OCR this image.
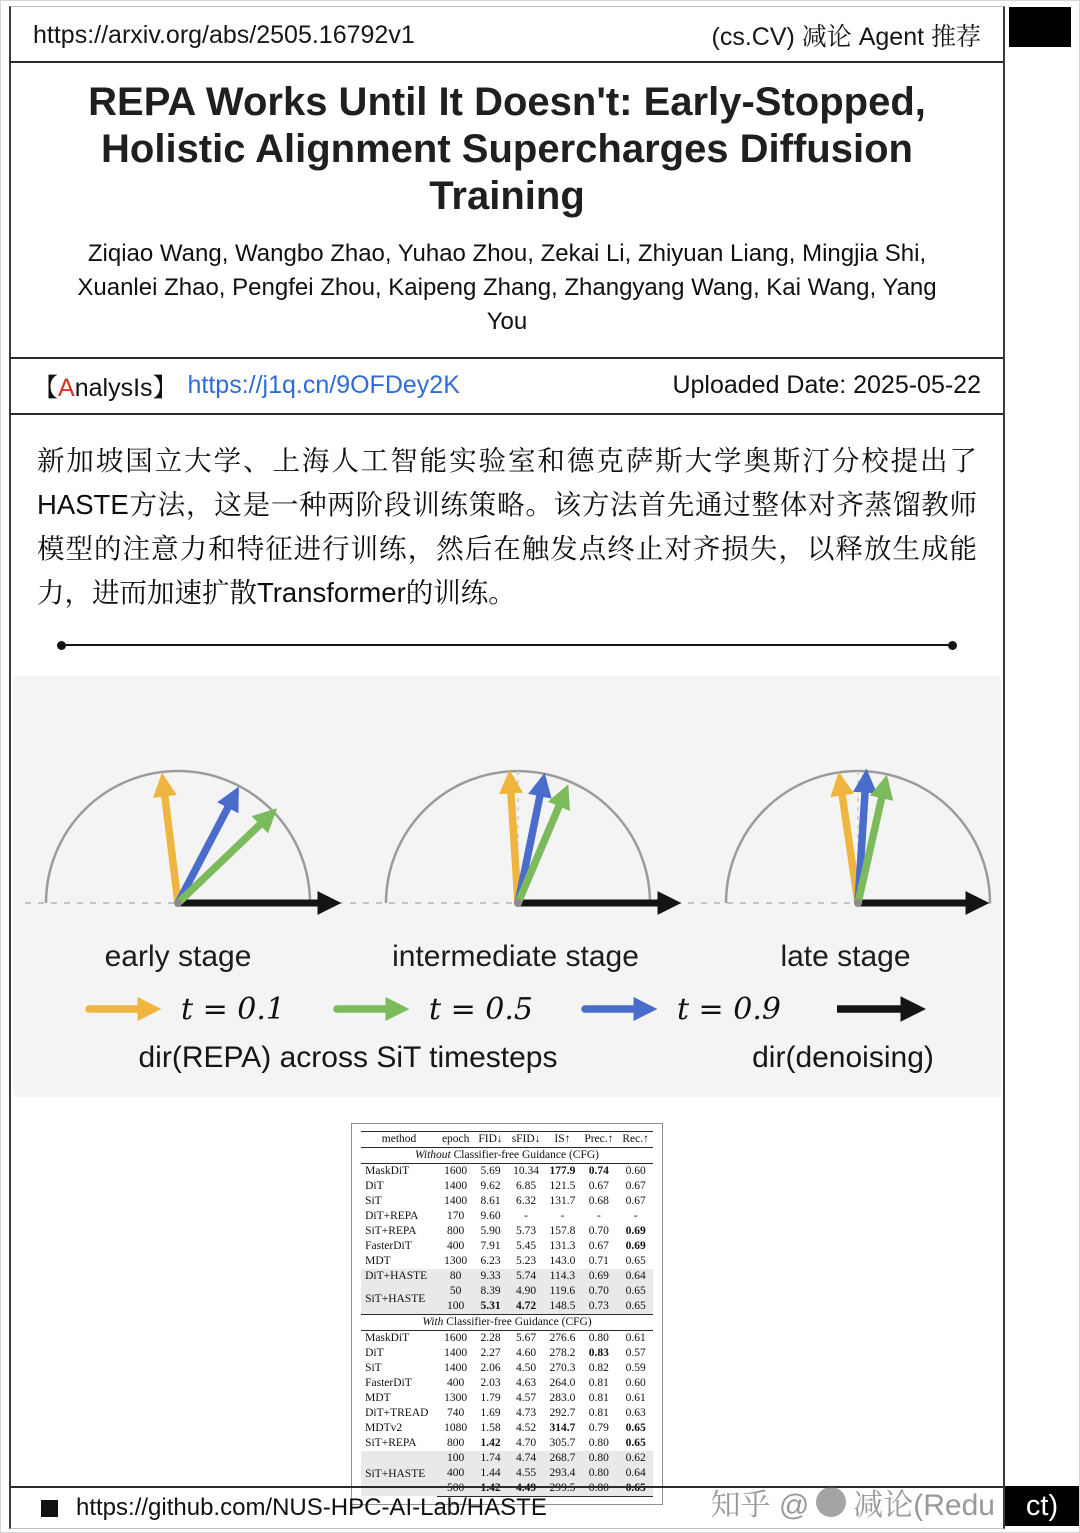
https://arxiv.org/abs/2505.16792v1	(cs.CV) 减论 Agent 推荐
REPA Works Until It Doesn't: Early-Stopped, Holistic Alignment Supercharges Diffusion Training
Ziqiao Wang, Wangbo Zhao, Yuhao Zhou, Zekai Li, Zhiyuan Liang, Mingjia Shi, Xuanlei Zhao, Pengfei Zhou, Kaipeng Zhang, Zhangyang Wang, Kai Wang, Yang You
【AnalysIs】 https://j1q.cn/9OFDey2K	Uploaded Date: 2025-05-22
新加坡国立大学、上海人工智能实验室和德克萨斯大学奥斯汀分校提出了HASTE方法，这是一种两阶段训练策略。该方法首先通过整体对齐蒸馏教师模型的注意力和特征进行训练，然后在触发点终止对齐损失，以释放生成能力，进而加速扩散Transformer的训练。
early stage	intermediate stage	late stage
t = 0.1	t = 0.5	t = 0.9
dir(REPA) across SiT timesteps	dir(denoising)
method	epoch	FID↓	sFID↓	IS↑	Prec.↑	Rec.↑
Without Classifier-free Guidance (CFG)						
MaskDiT	1600	5.69	10.34	177.9	0.74	0.60
DiT	1400	9.62	6.85	121.5	0.67	0.67
SiT	1400	8.61	6.32	131.7	0.68	0.67
DiT+REPA	170	9.60	-	-	-	-
SiT+REPA	800	5.90	5.73	157.8	0.70	0.69
FasterDiT	400	7.91	5.45	131.3	0.67	0.69
MDT	1300	6.23	5.23	143.0	0.71	0.65
DiT+HASTE	80	9.33	5.74	114.3	0.69	0.64
SiT+HASTE	50	8.39	4.90	119.6	0.70	0.65
	100	5.31	4.72	148.5	0.73	0.65
With Classifier-free Guidance (CFG)						
MaskDiT	1600	2.28	5.67	276.6	0.80	0.61
DiT	1400	2.27	4.60	278.2	0.83	0.57
SiT	1400	2.06	4.50	270.3	0.82	0.59
FasterDiT	400	2.03	4.63	264.0	0.81	0.60
MDT	1300	1.79	4.57	283.0	0.81	0.61
DiT+TREAD	740	1.69	4.73	292.7	0.81	0.63
MDTv2	1080	1.58	4.52	314.7	0.79	0.65
SiT+REPA	800	1.42	4.70	305.7	0.80	0.65
SiT+HASTE	100	1.74	4.74	268.7	0.80	0.62
	400	1.44	4.55	293.4	0.80	0.64
	500	1.42	4.49	299.5	0.80	0.65
https://github.com/NUS-HPC-AI-Lab/HASTE	知乎 @ 减论(Redu ct)
